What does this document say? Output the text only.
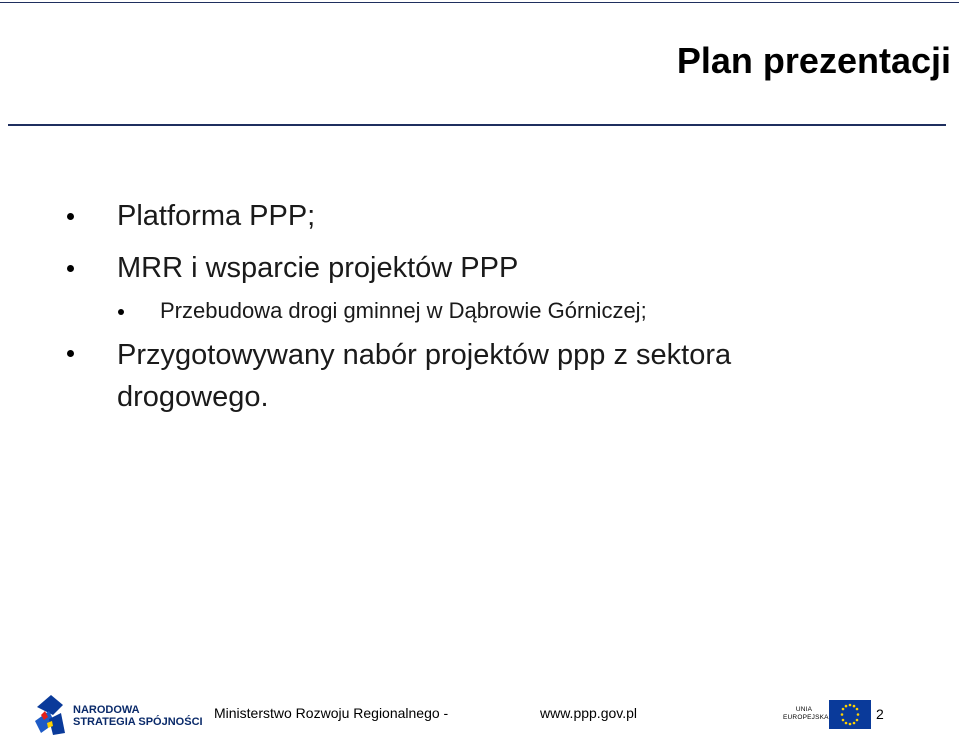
Plan prezentacji
Platforma PPP;
MRR i wsparcie projektów PPP
Przebudowa drogi gminnej w Dąbrowie Górniczej;
Przygotowywany nabór projektów ppp z sektora
drogowego.
NARODOWA
STRATEGIA SPÓJNOŚCI
Ministerstwo Rozwoju Regionalnego -	www.ppp.gov.pl	UNIA
EUROPEJSKA	2
